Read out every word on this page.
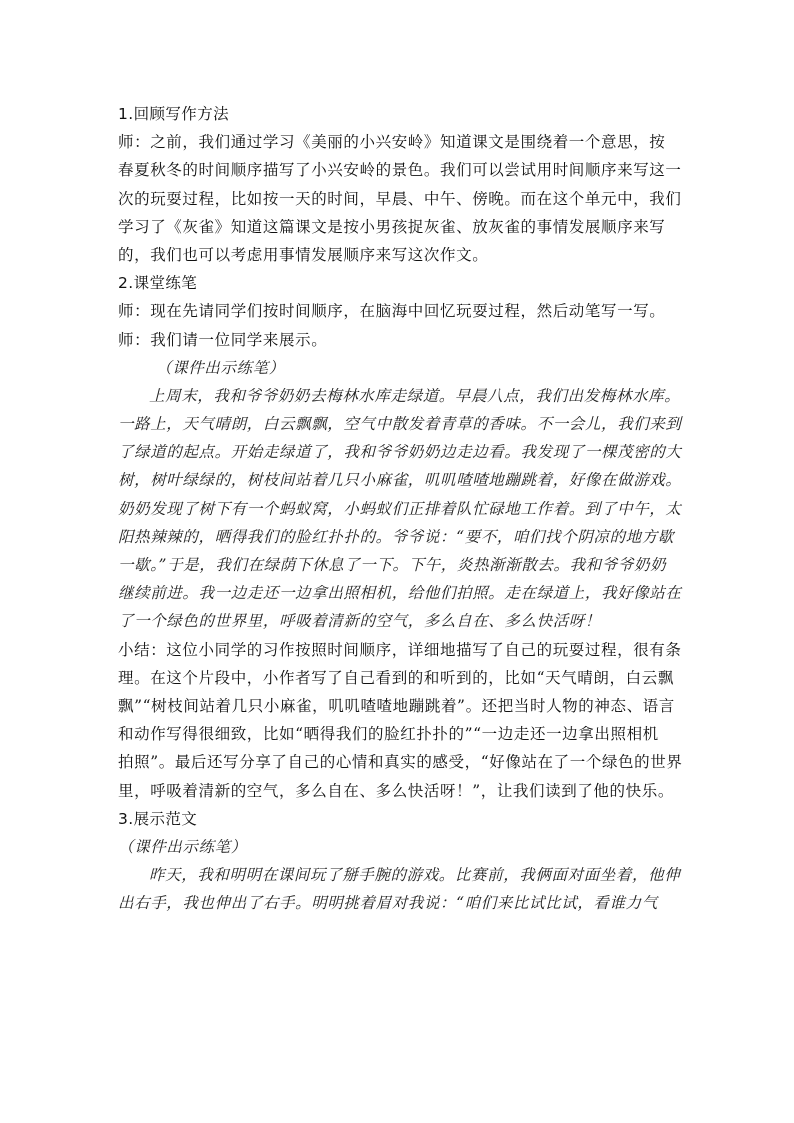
1.回顾写作方法
师：之前，我们通过学习《美丽的小兴安岭》知道课文是围绕着一个意思，按
春夏秋冬的时间顺序描写了小兴安岭的景色。我们可以尝试用时间顺序来写这一
次的玩耍过程，比如按一天的时间，早晨、中午、傍晚。而在这个单元中，我们
学习了《灰雀》知道这篇课文是按小男孩捉灰雀、放灰雀的事情发展顺序来写
的，我们也可以考虑用事情发展顺序来写这次作文。
2.课堂练笔
师：现在先请同学们按时间顺序，在脑海中回忆玩耍过程，然后动笔写一写。
师：我们请一位同学来展示。
（课件出示练笔）
上周末，我和爷爷奶奶去梅林水库走绿道。早晨八点，我们出发梅林水库。
一路上，天气晴朗，白云飘飘，空气中散发着青草的香味。不一会儿，我们来到
了绿道的起点。开始走绿道了，我和爷爷奶奶边走边看。我发现了一棵茂密的大
树，树叶绿绿的，树枝间站着几只小麻雀，叽叽喳喳地蹦跳着，好像在做游戏。
奶奶发现了树下有一个蚂蚁窝，小蚂蚁们正排着队忙碌地工作着。到了中午，太
阳热辣辣的，晒得我们的脸红扑扑的。爷爷说：“要不，咱们找个阴凉的地方歇
一歇。”于是，我们在绿荫下休息了一下。下午，炎热渐渐散去。我和爷爷奶奶
继续前进。我一边走还一边拿出照相机，给他们拍照。走在绿道上，我好像站在
了一个绿色的世界里，呼吸着清新的空气，多么自在、多么快活呀！
小结：这位小同学的习作按照时间顺序，详细地描写了自己的玩耍过程，很有条
理。在这个片段中，小作者写了自己看到的和听到的，比如“天气晴朗，白云飘
飘”“树枝间站着几只小麻雀，叽叽喳喳地蹦跳着”。还把当时人物的神态、语言
和动作写得很细致，比如“晒得我们的脸红扑扑的”“一边走还一边拿出照相机
拍照”。最后还写分享了自己的心情和真实的感受，“好像站在了一个绿色的世界
里，呼吸着清新的空气，多么自在、多么快活呀！”，让我们读到了他的快乐。
3.展示范文
（课件出示练笔）
昨天，我和明明在课间玩了掰手腕的游戏。比赛前，我俩面对面坐着，他伸
出右手，我也伸出了右手。明明挑着眉对我说：“咱们来比试比试，看谁力气
